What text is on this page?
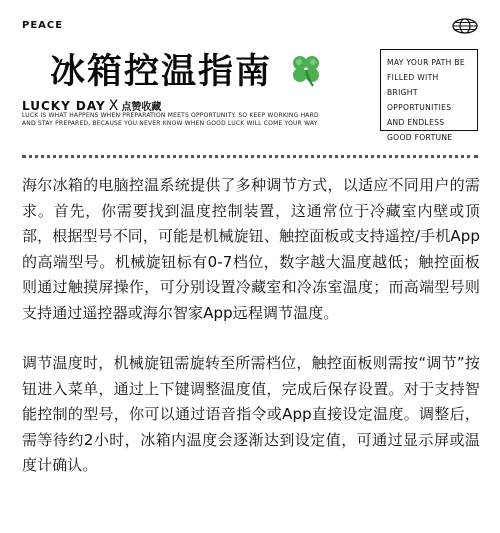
PEACE
冰箱控温指南
LUCKY DAY X 点赞收藏
LUCK IS WHAT HAPPENS WHEN PREPARATION MEETS OPPORTUNITY. SO KEEP WORKING HARD AND STAY PREPARED, BECAUSE YOU NEVER KNOW WHEN GOOD LUCK WILL COME YOUR WAY
MAY YOUR PATH BE FILLED WITH BRIGHT OPPORTUNITIES AND ENDLESS GOOD FORTUNE

海尔冰箱的电脑控温系统提供了多种调节方式，以适应不同用户的需求。首先，你需要找到温度控制装置，这通常位于冷藏室内壁或顶部，根据型号不同，可能是机械旋钮、触控面板或支持遥控/手机App的高端型号。机械旋钮标有0-7档位，数字越大温度越低；触控面板则通过触摸屏操作，可分别设置冷藏室和冷冻室温度；而高端型号则支持通过遥控器或海尔智家App远程调节温度。

调节温度时，机械旋钮需旋转至所需档位，触控面板则需按“调节”按钮进入菜单，通过上下键调整温度值，完成后保存设置。对于支持智能控制的型号，你可以通过语音指令或App直接设定温度。调整后，需等待约2小时，冰箱内温度会逐渐达到设定值，可通过显示屏或温度计确认。
